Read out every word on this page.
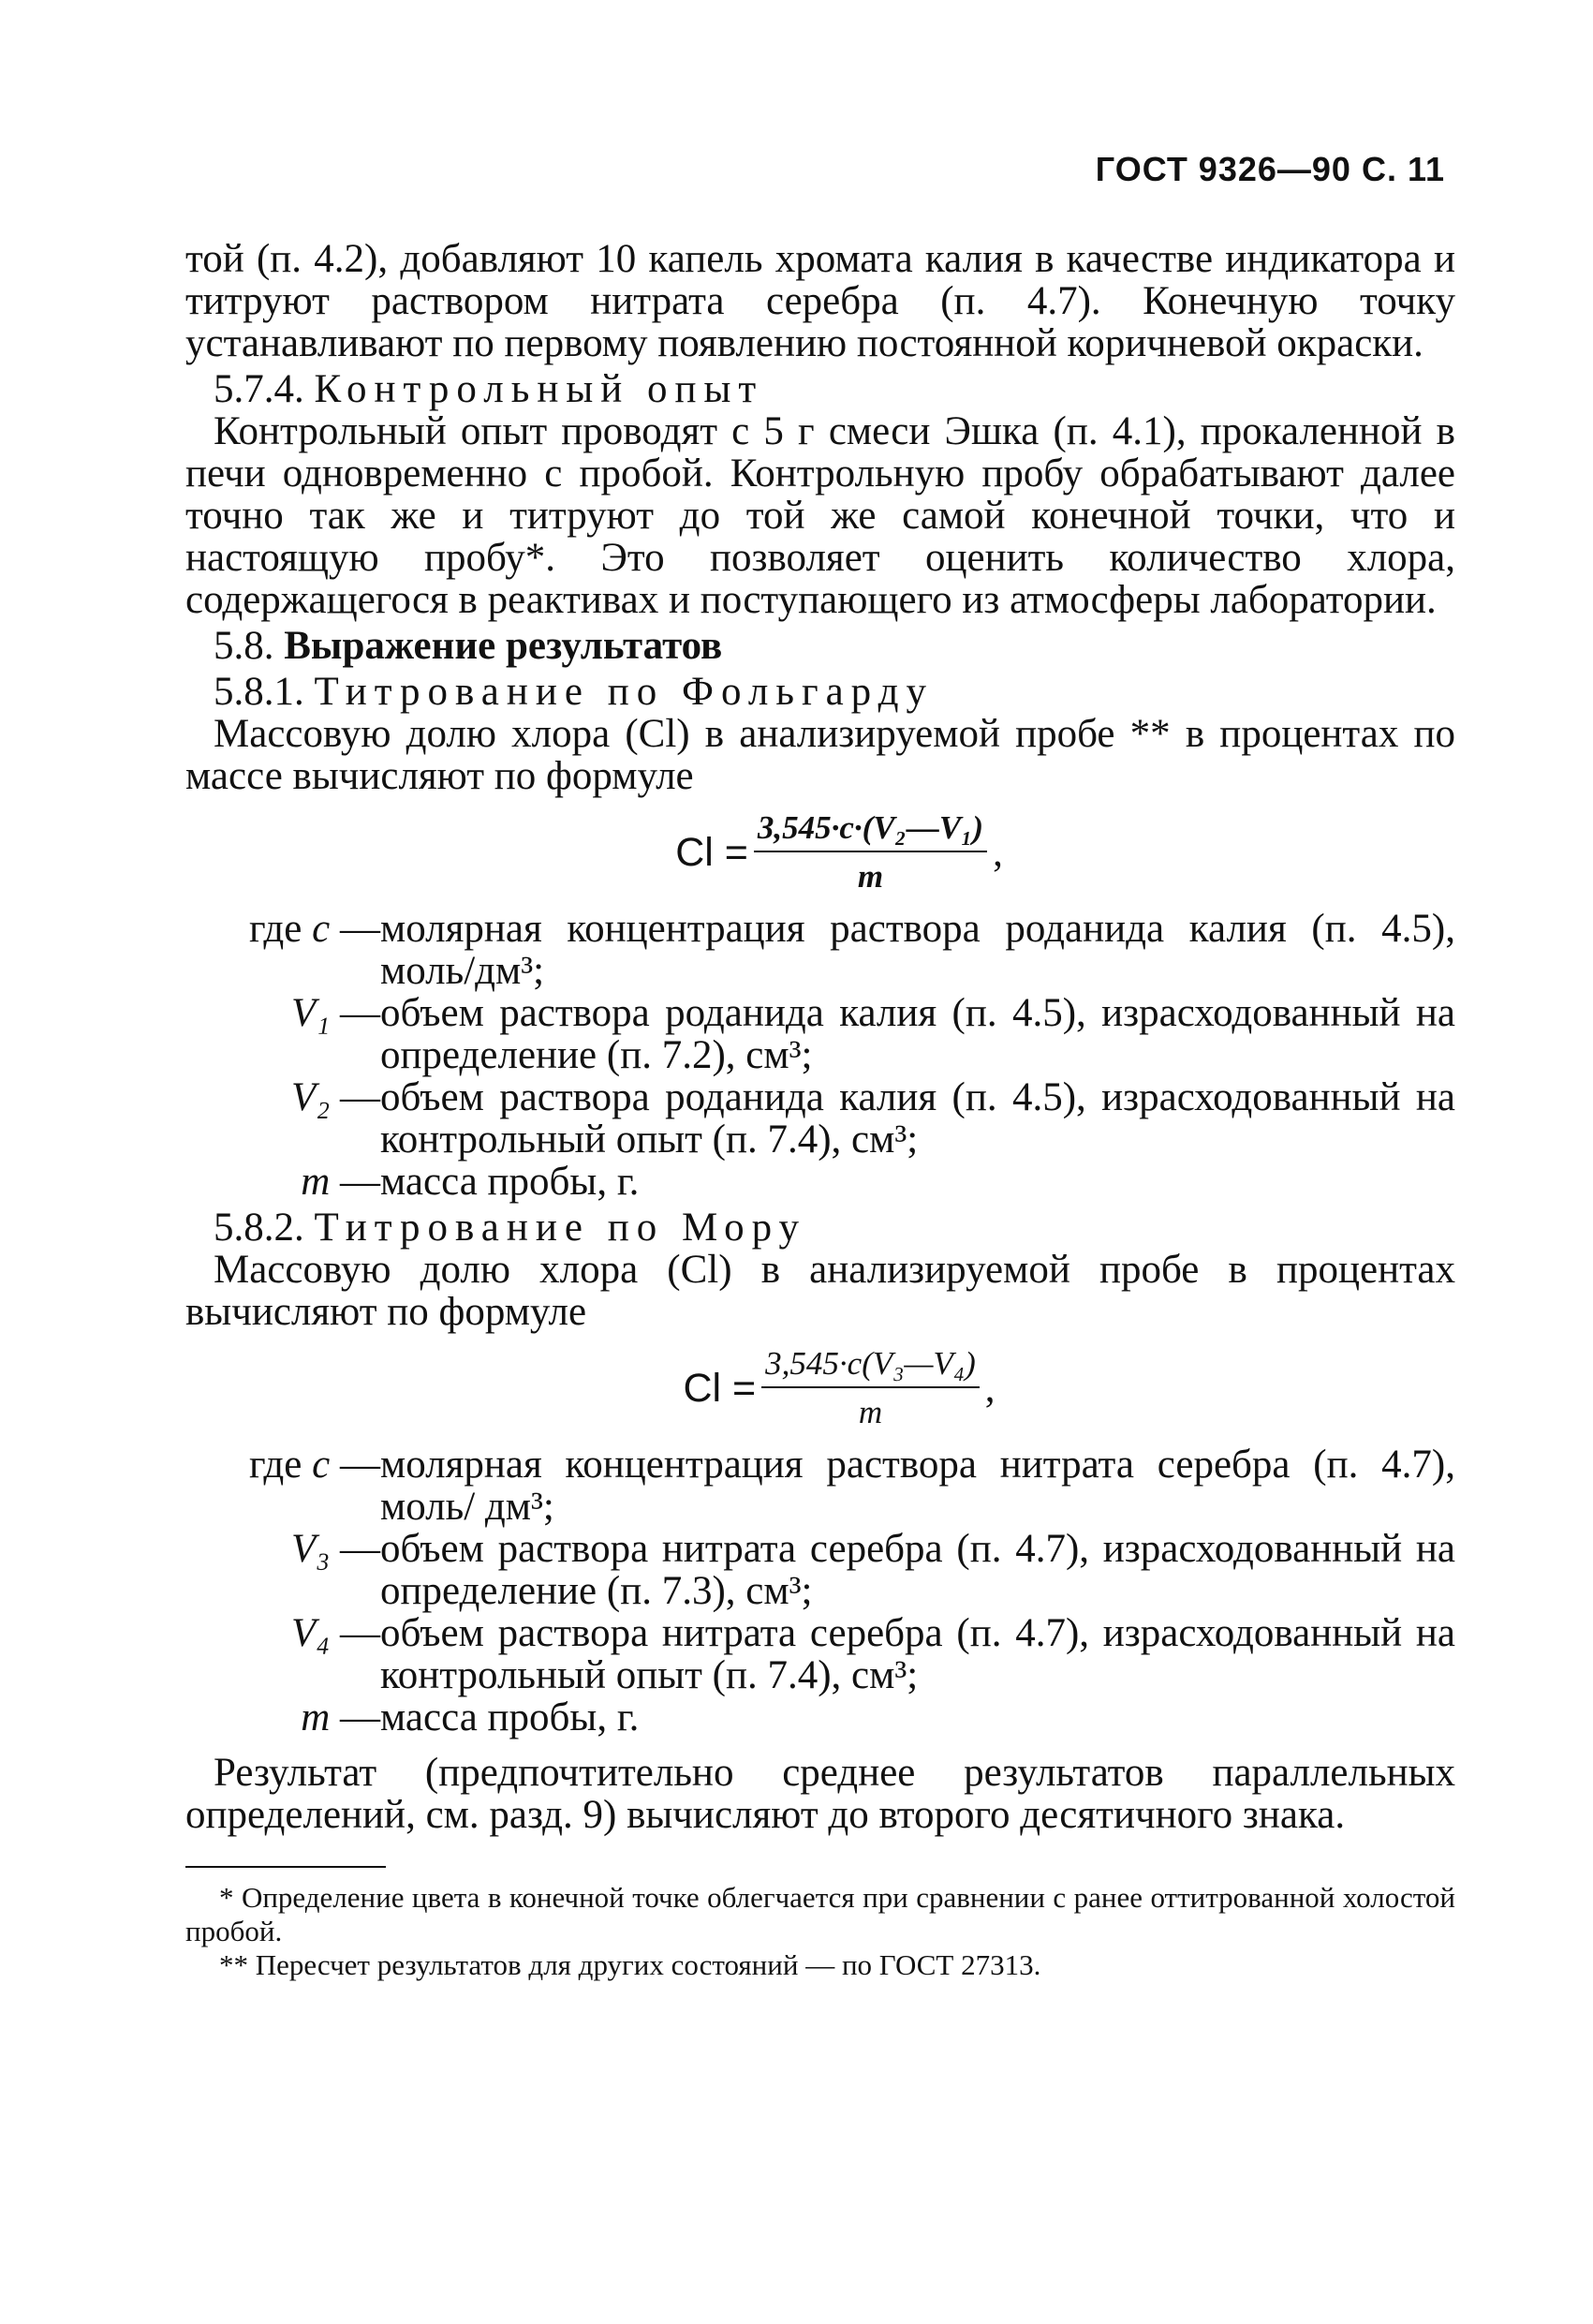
ГОСТ 9326—90 С. 11

той (п. 4.2), добавляют 10 капель хромата калия в качестве индикатора и титруют раствором нитрата серебра (п. 4.7). Конечную точку устанавливают по первому появлению постоянной коричневой окраски.

5.7.4. Контрольный опыт

Контрольный опыт проводят с 5 г смеси Эшка (п. 4.1), прокаленной в печи одновременно с пробой. Контрольную пробу обрабатывают далее точно так же и титруют до той же самой конечной точки, что и настоящую пробу*. Это позволяет оценить количество хлора, содержащегося в реактивах и поступающего из атмосферы лаборатории.

5.8. Выражение результатов

5.8.1. Титрование по Фольгарду

Массовую долю хлора (Cl) в анализируемой пробе ** в процентах по массе вычисляют по формуле

$Cl = \frac{\text{3,545·c·(V₂—V₁)}}{m}$ ,
где c — молярная концентрация раствора роданида калия (п. 4.5), моль/дм³;
V₁ — объем раствора роданида калия (п. 4.5), израсходованный на определение (п. 7.2), см³;
V₂ — объем раствора роданида калия (п. 4.5), израсходованный на контрольный опыт (п. 7.4), см³;
m — масса пробы, г.

5.8.2. Титрование по Мору

Массовую долю хлора (Cl) в анализируемой пробе в процентах вычисляют по формуле

$Cl = \frac{\text{3,545·c(V₃—V₄)}}{m}$ ,
где c — молярная концентрация раствора нитрата серебра (п. 4.7), моль/ дм³;
V₃ — объем раствора нитрата серебра (п. 4.7), израсходованный на определение (п. 7.3), см³;
V₄ — объем раствора нитрата серебра (п. 4.7), израсходованный на контрольный опыт (п. 7.4), см³;
m — масса пробы, г.

Результат (предпочтительно среднее результатов параллельных определений, см. разд. 9) вычисляют до второго десятичного знака.

* Определение цвета в конечной точке облегчается при сравнении с ранее оттитрованной холостой пробой.

** Пересчет результатов для других состояний — по ГОСТ 27313.
